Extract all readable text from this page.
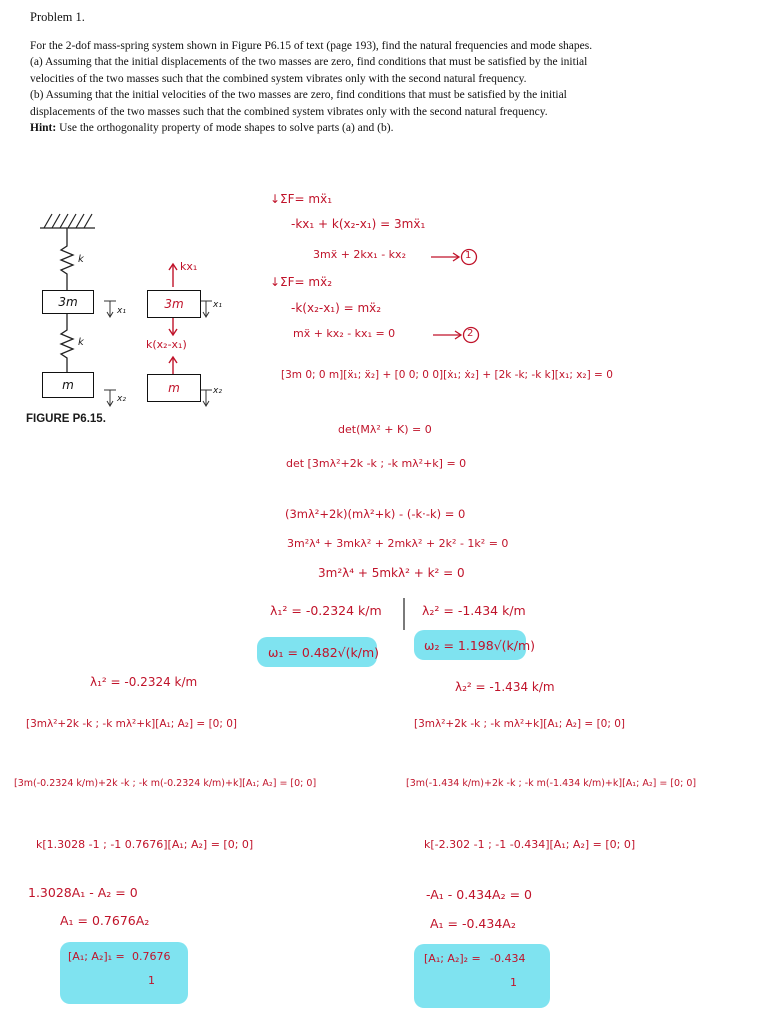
Problem 1.
For the 2-dof mass-spring system shown in Figure P6.15 of text (page 193), find the natural frequencies and mode shapes.
(a) Assuming that the initial displacements of the two masses are zero, find conditions that must be satisfied by the initial velocities of the two masses such that the combined system vibrates only with the second natural frequency.
(b) Assuming that the initial velocities of the two masses are zero, find conditions that must be satisfied by the initial displacements of the two masses such that the combined system vibrates only with the second natural frequency.
Hint: Use the orthogonality property of mode shapes to solve parts (a) and (b).
3m
m
3m
m
k
k
x₁
x₂
x₁
x₂
kx₁
k(x₂-x₁)
FIGURE P6.15.
↓ΣF= mẍ₁
-kx₁ + k(x₂-x₁) = 3mẍ₁
3mẍ + 2kx₁ - kx₂	1
↓ΣF= mẍ₂
-k(x₂-x₁) = mẍ₂
mẍ + kx₂ - kx₁ = 0	2
[3m 0; 0 m][ẍ₁; ẍ₂] + [0 0; 0 0][ẋ₁; ẋ₂] + [2k -k; -k k][x₁; x₂] = 0
det(Mλ² + K) = 0
det [3mλ²+2k -k ; -k mλ²+k] = 0
(3mλ²+2k)(mλ²+k) - (-k·-k) = 0
3m²λ⁴ + 3mkλ² + 2mkλ² + 2k² - 1k² = 0
3m²λ⁴ + 5mkλ² + k² = 0
λ₁² = -0.2324 k/m	λ₂² = -1.434 k/m
ω₁ = 0.482√(k/m)	ω₂ = 1.198√(k/m)
λ₁² = -0.2324 k/m
[3mλ²+2k -k ; -k mλ²+k][A₁; A₂] = [0; 0]
[3m(-0.2324 k/m)+2k -k ; -k m(-0.2324 k/m)+k][A₁; A₂] = [0; 0]
k[1.3028 -1 ; -1 0.7676][A₁; A₂] = [0; 0]
1.3028A₁ - A₂ = 0
A₁ = 0.7676A₂
[A₁; A₂]₁ = 0.7676
1
λ₂² = -1.434 k/m
[3mλ²+2k -k ; -k mλ²+k][A₁; A₂] = [0; 0]
[3m(-1.434 k/m)+2k -k ; -k m(-1.434 k/m)+k][A₁; A₂] = [0; 0]
k[-2.302 -1 ; -1 -0.434][A₁; A₂] = [0; 0]
-A₁ - 0.434A₂ = 0
A₁ = -0.434A₂
[A₁; A₂]₂ = -0.434
1
